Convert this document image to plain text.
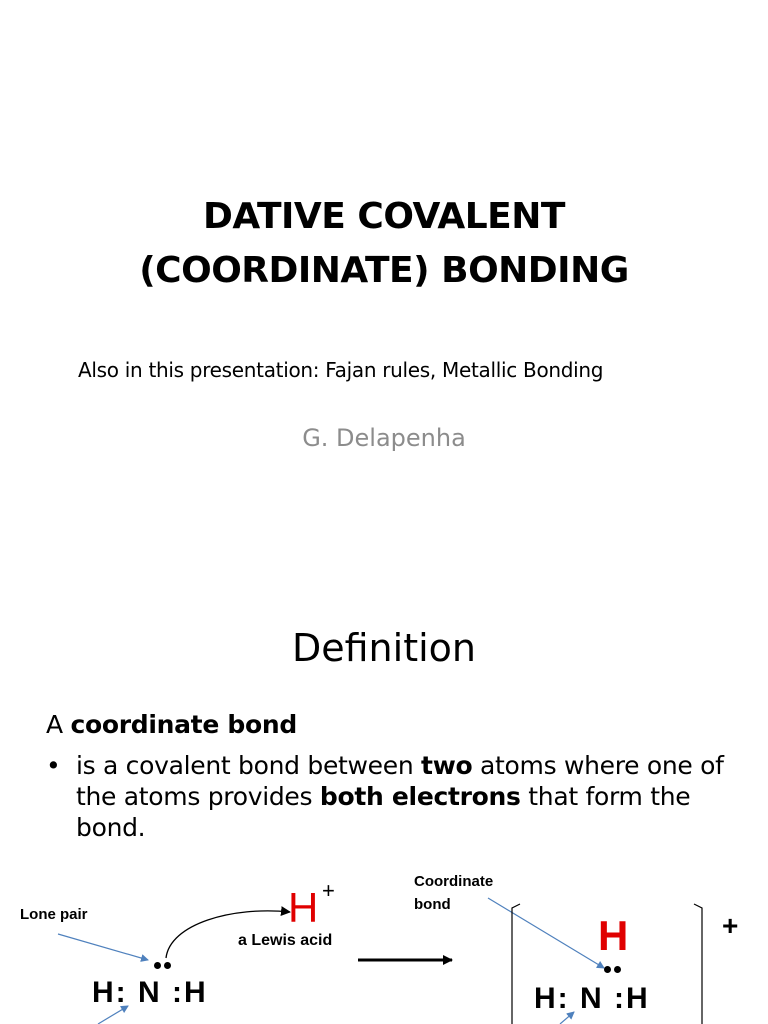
DATIVE COVALENT
(COORDINATE) BONDING
Also in this presentation: Fajan rules, Metallic Bonding
G. Delapenha
Definition
A coordinate bond
• is a covalent bond between two atoms where one of the atoms provides both electrons that form the bond.
Lone pair	H +
a Lewis acid
H: N :H
Coordinate
bond
H	+
H: N :H
